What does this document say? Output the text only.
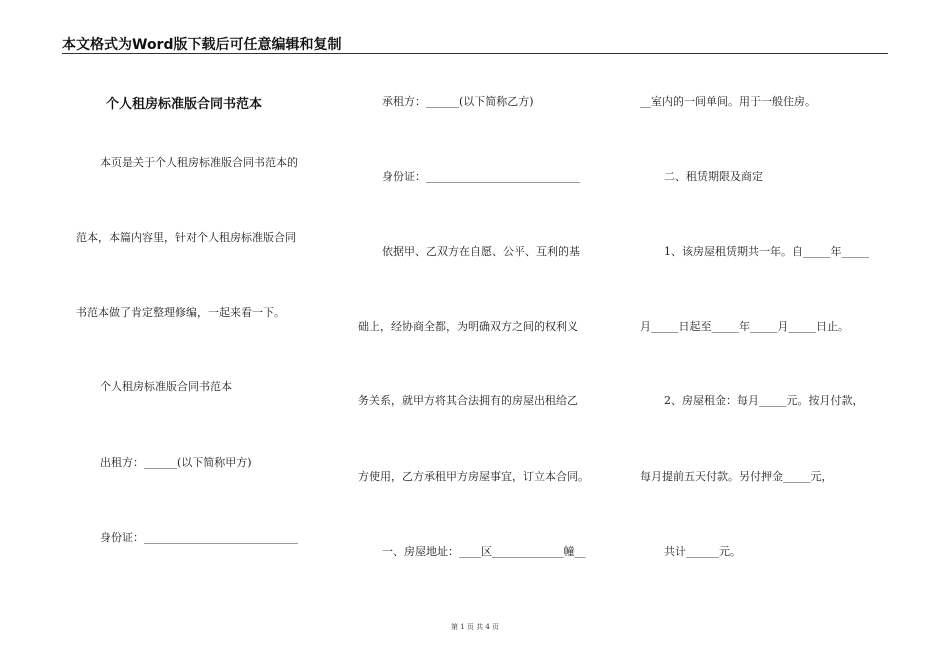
本文格式为Word版下载后可任意编辑和复制
个人租房标准版合同书范本
本页是关于个人租房标准版合同书范本的
范本，本篇内容里，针对个人租房标准版合同
书范本做了肯定整理修编，一起来看一下。
个人租房标准版合同书范本
出租方：______(以下简称甲方)
身份证：____________________________
承租方：______(以下简称乙方)
身份证：____________________________
依据甲、乙双方在自愿、公平、互利的基
础上，经协商全都，为明确双方之间的权利义
务关系，就甲方将其合法拥有的房屋出租给乙
方使用，乙方承租甲方房屋事宜，订立本合同。
一、房屋地址：____区_____________幢__
__室内的一间单间。用于一般住房。
二、租赁期限及商定
1、该房屋租赁期共一年。自_____年_____
月_____日起至_____年_____月_____日止。
2、房屋租金：每月_____元。按月付款，
每月提前五天付款。另付押金_____元，
共计______元。
第 1 页 共 4 页
